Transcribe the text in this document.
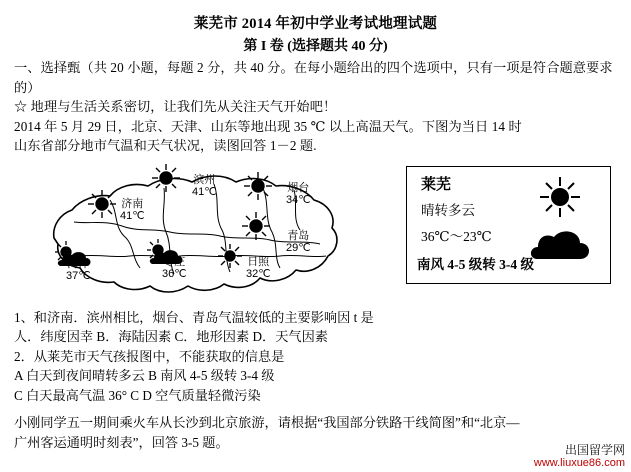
莱芜市 2014 年初中学业考试地理试题
第 I 卷 (选择题共 40 分)

一、选择甄（共 20 小题，每题 2 分，共 40 分。在每小题给出的四个选项中，只有一项是符合题意要求的）

☆ 地理与生活关系密切，让我们先从关注天气开始吧！

2014 年 5 月 29 日，北京、天津、山东等地出现 35 ℃ 以上高温天气。下图为当日 14 时

山东省部分地市气温和天气状况，读图回答 1－2 题.

滨州
41℃	烟台
34℃
济南
41℃
青岛
29℃
日照
32℃
菏泽
37℃
枣庄
36℃
莱芜
晴转多云
36℃～23℃
南风 4-5 级转 3-4 级

1、和济南．滨州相比，烟台、青岛气温较低的主要影响因 t 是

人．纬度因幸 B．海陆因素 C．地形因素 D．天气因素

2．从莱芜市天气孩报图中，不能获取的信息是

A 白天到夜间晴转多云 B 南风 4-5 级转 3-4 级

C 白天最高气温 36° C D 空气质量轻微污染

小刚同学五一期间乘火车从长沙到北京旅游，请根据“我国部分铁路干线简图”和“北京—

广州客运通明时刻表”，回答 3-5 题。

出国留学网
www.liuxue86.com
